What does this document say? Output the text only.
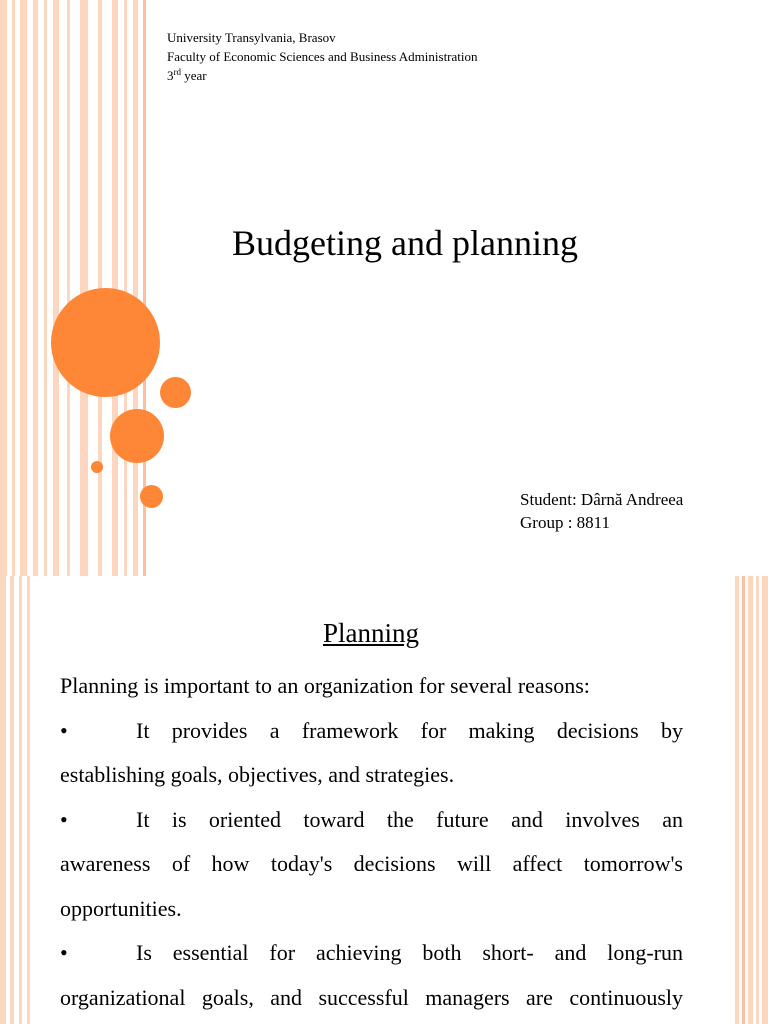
University Transylvania, Brasov
Faculty of Economic Sciences and Business Administration
3rd year
Budgeting and planning
Student: Dârnă Andreea
Group : 8811
Planning
Planning is important to an organization for several reasons:
•	It provides a framework for making decisions by
establishing goals, objectives, and strategies.
•	It is oriented toward the future and involves an
awareness of how today's decisions will affect tomorrow's
opportunities.
•	Is essential for achieving both short- and long-run
organizational goals, and successful managers are continuously
